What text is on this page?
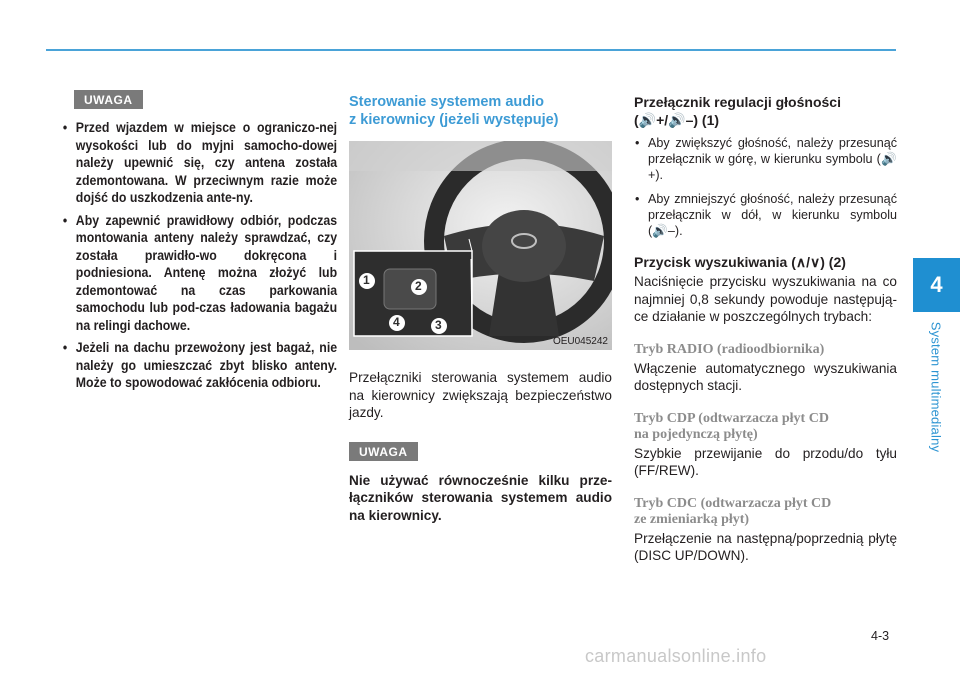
UWAGA
• Przed wjazdem w miejsce o ograniczo-nej wysokości lub do myjni samocho-dowej należy upewnić się, czy antena została zdemontowana. W przeciwnym razie może dojść do uszkodzenia ante-ny.
• Aby zapewnić prawidłowy odbiór, podczas montowania anteny należy sprawdzać, czy została prawidło-wo dokręcona i podniesiona. Antenę można złożyć lub zdemontować na czas parkowania samochodu lub pod-czas ładowania bagażu na relingi dachowe.
• Jeżeli na dachu przewożony jest bagaż, nie należy go umieszczać zbyt blisko anteny. Może to spowodować zakłócenia odbioru.
Sterowanie systemem audio
z kierownicy (jeżeli występuje)
1	2
3
4
OEU045242

Przełączniki sterowania systemem audio na kierownicy zwiększają bezpieczeństwo jazdy.

UWAGA

Nie używać równocześnie kilku prze-łączników sterowania systemem audio na kierownicy.

Przełącznik regulacji głośności
(🔊+/🔊–) (1)
• Aby zwiększyć głośność, należy przesunąć przełącznik w górę, w kierunku symbolu (🔊+).
• Aby zmniejszyć głośność, należy przesunąć przełącznik w dół, w kierunku symbolu (🔊–).
Przycisk wyszukiwania (∧/∨) (2)

Naciśnięcie przycisku wyszukiwania na co najmniej 0,8 sekundy powoduje następują-ce działanie w poszczególnych trybach:

Tryb RADIO (radioodbiornika)

Włączenie automatycznego wyszukiwania dostępnych stacji.

Tryb CDP (odtwarzacza płyt CD
na pojedynczą płytę)

Szybkie przewijanie do przodu/do tyłu (FF/REW).

Tryb CDC (odtwarzacza płyt CD
ze zmieniarką płyt)

Przełączenie na następną/poprzednią płytę (DISC UP/DOWN).

4
System multimedialny
4-3
carmanualsonline.info
